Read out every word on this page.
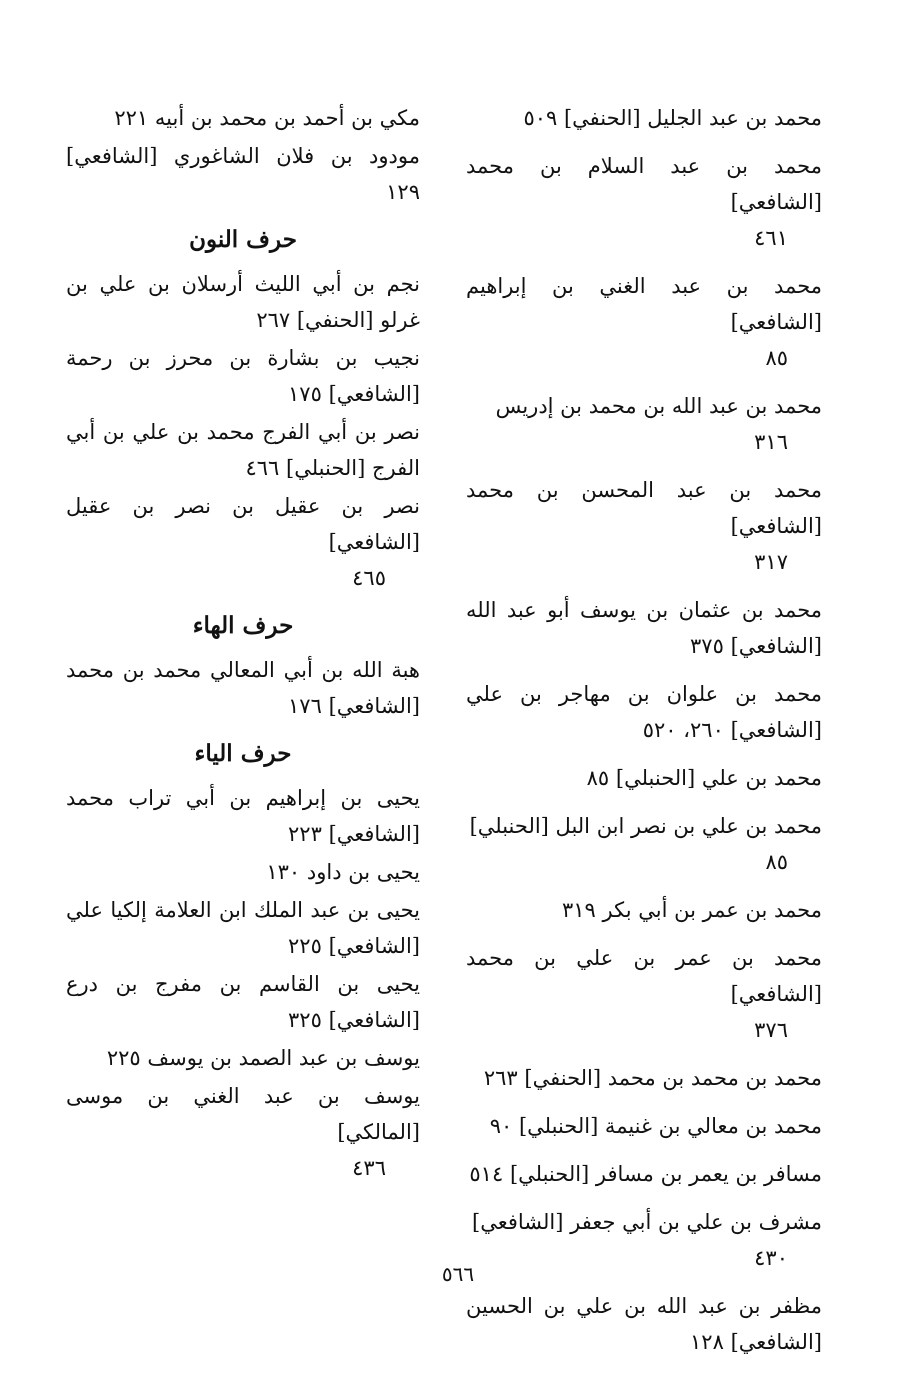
محمد بن عبد الجليل [الحنفي] ٥٠٩
محمد بن عبد السلام بن محمد [الشافعي]
٤٦١
محمد بن عبد الغني بن إبراهيم [الشافعي]
٨٥
محمد بن عبد الله بن محمد بن إدريس
٣١٦
محمد بن عبد المحسن بن محمد [الشافعي]
٣١٧
محمد بن عثمان بن يوسف أبو عبد الله [الشافعي] ٣٧٥
محمد بن علوان بن مهاجر بن علي [الشافعي] ٢٦٠، ٥٢٠
محمد بن علي [الحنبلي] ٨٥
محمد بن علي بن نصر ابن البل [الحنبلي]
٨٥
محمد بن عمر بن أبي بكر ٣١٩
محمد بن عمر بن علي بن محمد [الشافعي]
٣٧٦
محمد بن محمد بن محمد [الحنفي] ٢٦٣
محمد بن معالي بن غنيمة [الحنبلي] ٩٠
مسافر بن يعمر بن مسافر [الحنبلي] ٥١٤
مشرف بن علي بن أبي جعفر [الشافعي]
٤٣٠
مظفر بن عبد الله بن علي بن الحسين [الشافعي] ١٢٨
مكي بن أحمد بن محمد بن أبيه ٢٢١
مودود بن فلان الشاغوري [الشافعي] ١٢٩
حرف النون
نجم بن أبي الليث أرسلان بن علي بن غرلو [الحنفي] ٢٦٧
نجيب بن بشارة بن محرز بن رحمة [الشافعي] ١٧٥
نصر بن أبي الفرج محمد بن علي بن أبي الفرج [الحنبلي] ٤٦٦
نصر بن عقيل بن نصر بن عقيل [الشافعي]
٤٦٥
حرف الهاء
هبة الله بن أبي المعالي محمد بن محمد [الشافعي] ١٧٦
حرف الياء
يحيى بن إبراهيم بن أبي تراب محمد [الشافعي] ٢٢٣
يحيى بن داود ١٣٠
يحيى بن عبد الملك ابن العلامة إلكيا علي [الشافعي] ٢٢٥
يحيى بن القاسم بن مفرج بن درع [الشافعي] ٣٢٥
يوسف بن عبد الصمد بن يوسف ٢٢٥
يوسف بن عبد الغني بن موسى [المالكي]
٤٣٦
٥٦٦
